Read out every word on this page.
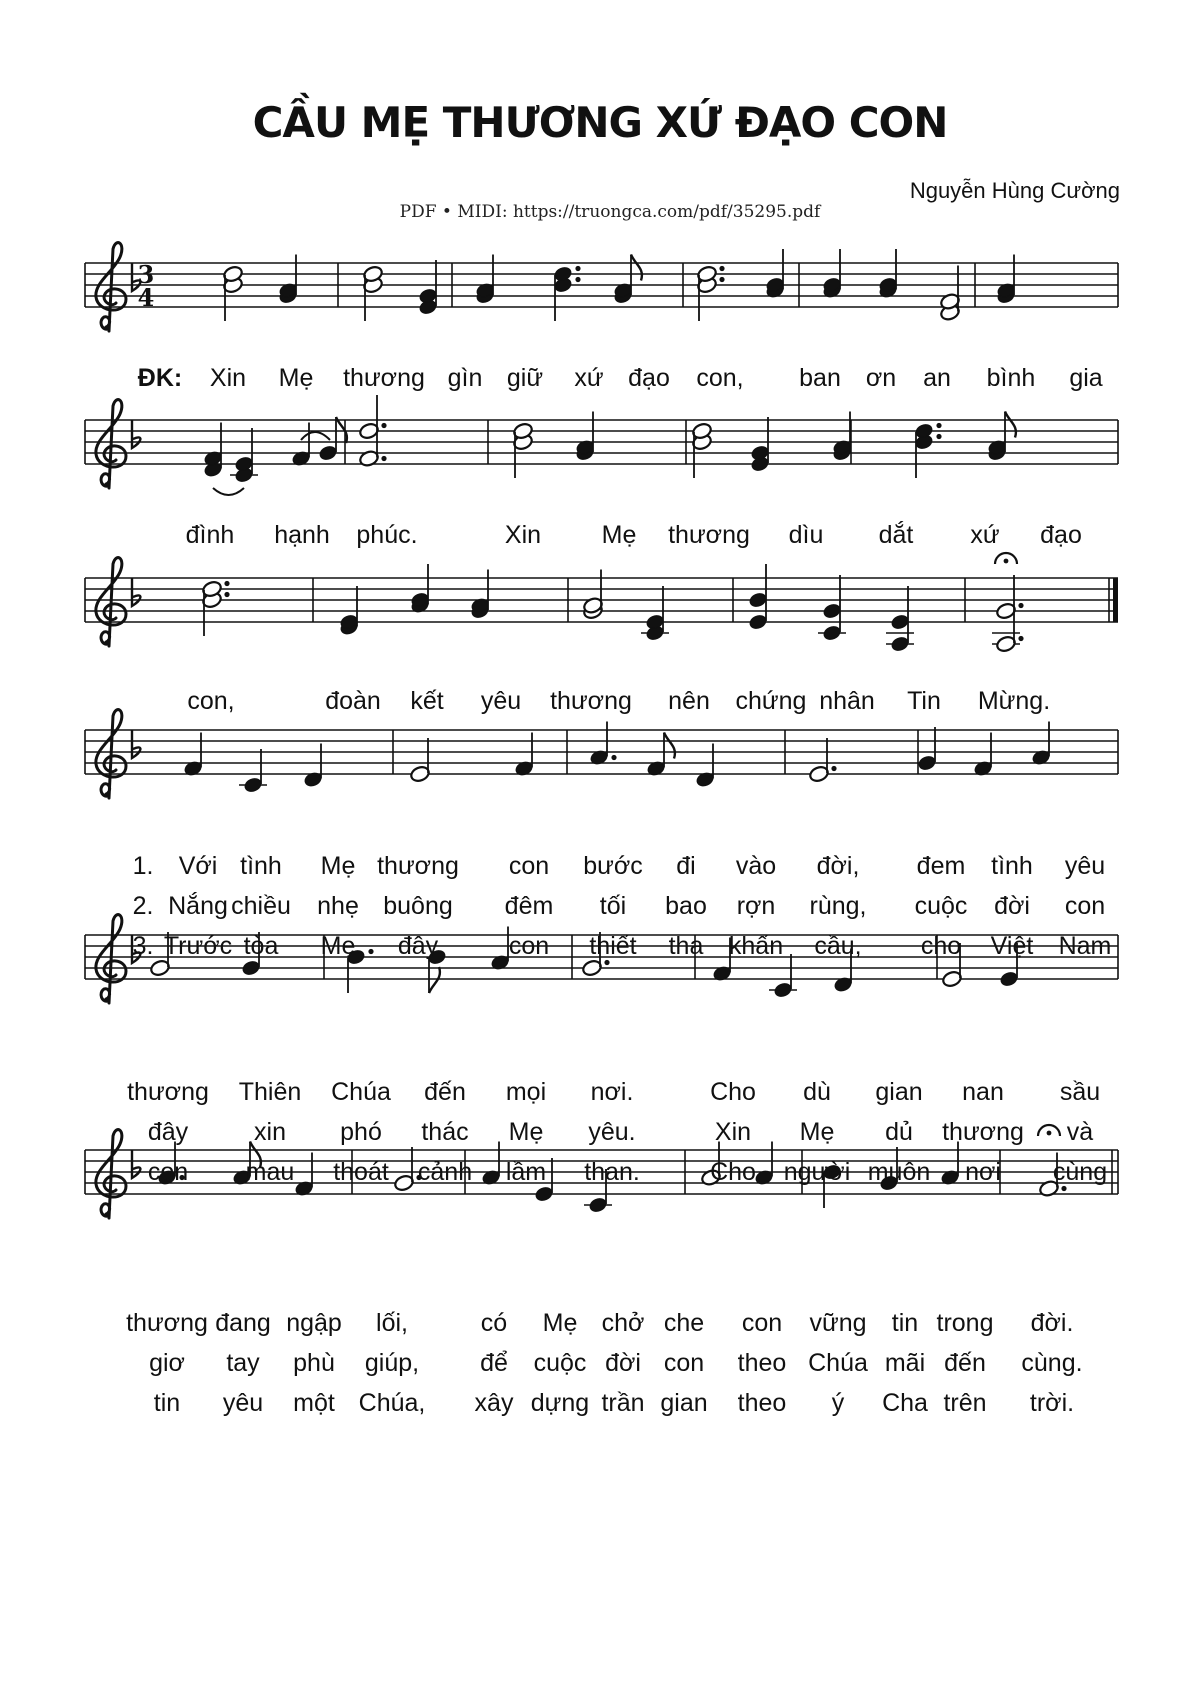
CẦU MẸ THƯƠNG XỨ ĐẠO CON
Nguyễn Hùng Cường
PDF • MIDI: https://truongca.com/pdf/35295.pdf
3
4
ĐK: Xin Mẹ thương gìn giữ xứ đạo con, ban ơn an bình gia
đình hạnh phúc.	Xin Mẹ thương dìu dắt xứ đạo
con,	đoàn kết yêu thương nên chứng nhân Tin Mừng.
1. Với tình Mẹ thương con bước đi vào đời, đem tình yêu
2. Nắng chiều nhẹ buông đêm tối bao rợn rùng, cuộc đời con
3. Trước tòa Mẹ đây	con thiết tha khấn cầu, cho Việt Nam
thương Thiên Chúa đến mọi nơi.	Cho dù gian nan sầu
đây	xin phó thác Mẹ yêu.	Xin Mẹ dủ thương và
con mau thoát cảnh lầm than.	Cho người muôn nơi cùng
thương đang ngập lối,	có Mẹ chở che con vững tin trong đời.
giơ tay phù giúp, để cuộc đời con theo Chúa mãi đến cùng.
tin yêu một Chúa, xây dựng trần gian theo ý Cha trên trời.
